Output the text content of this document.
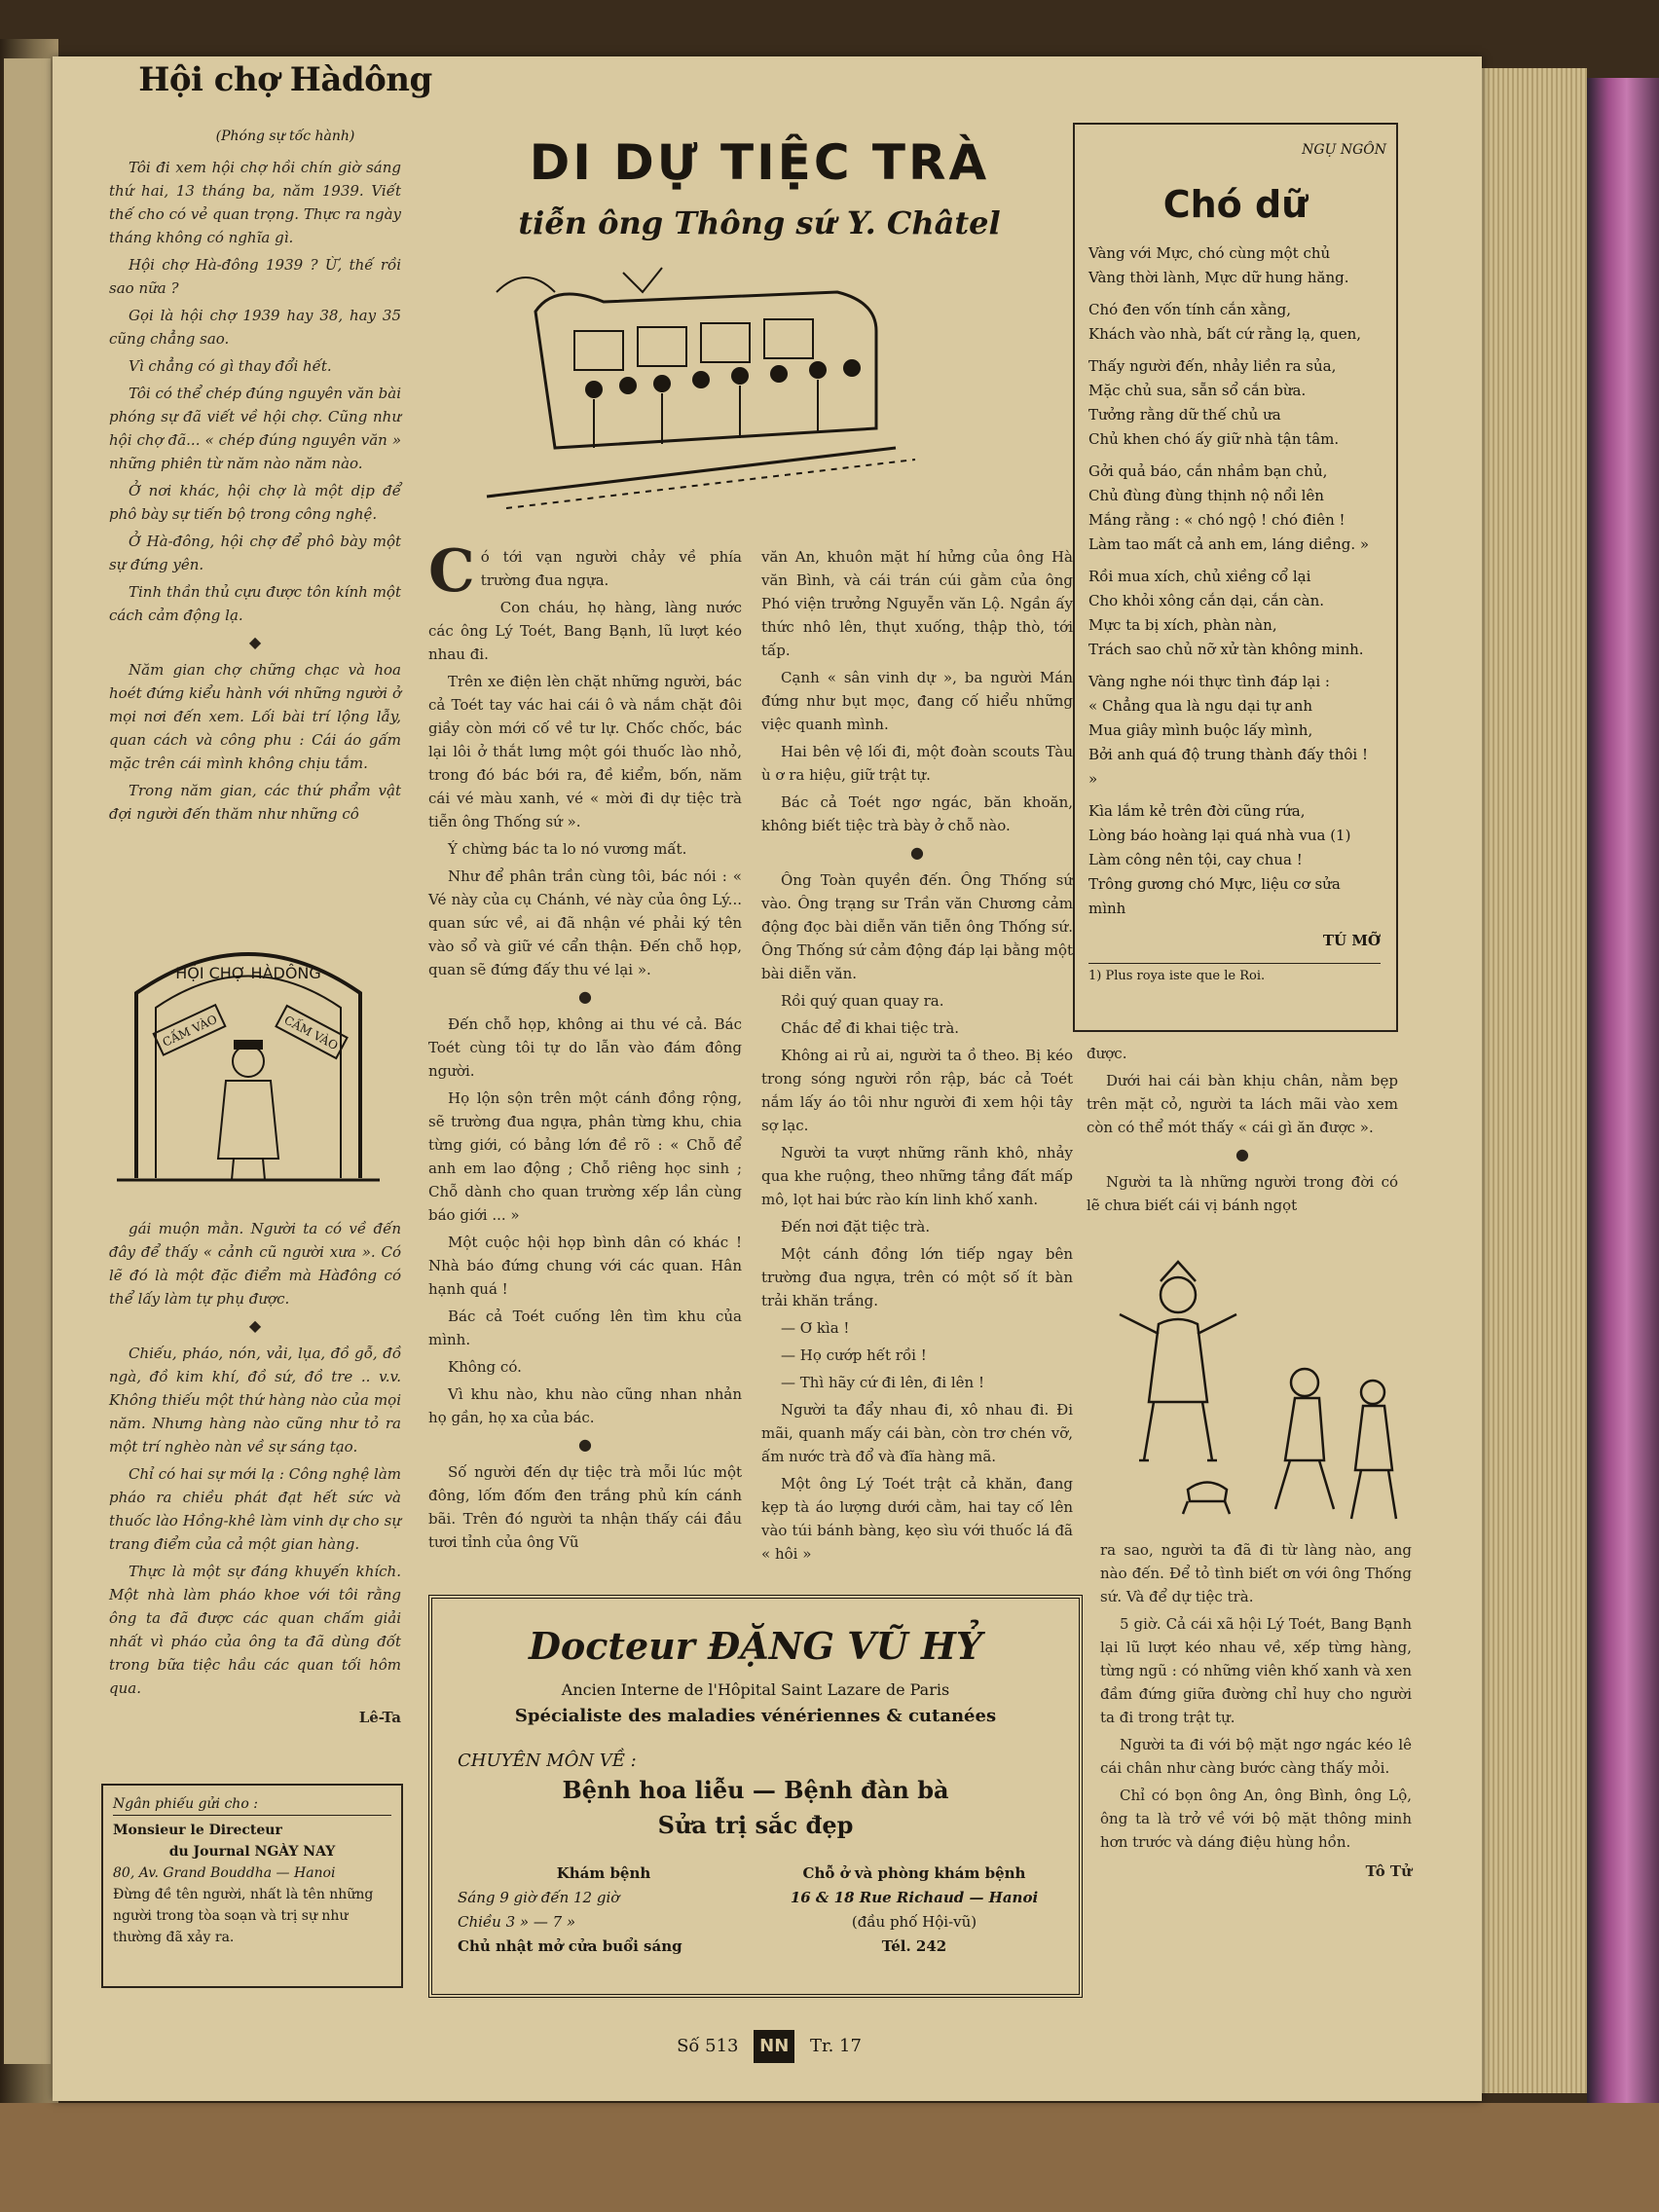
Hội chợ Hàdông
(Phóng sự tốc hành)

Tôi đi xem hội chợ hồi chín giờ sáng thứ hai, 13 tháng ba, năm 1939. Viết thế cho có vẻ quan trọng. Thực ra ngày tháng không có nghĩa gì.

Hội chợ Hà-đông 1939 ? Ừ, thế rồi sao nữa ?

Gọi là hội chợ 1939 hay 38, hay 35 cũng chẳng sao.

Vì chẳng có gì thay đổi hết.

Tôi có thể chép đúng nguyên văn bài phóng sự đã viết về hội chợ. Cũng như hội chợ đã... « chép đúng nguyên văn » những phiên từ năm nào năm nào.

Ở nơi khác, hội chợ là một dịp để phô bày sự tiến bộ trong công nghệ.

Ở Hà-đông, hội chợ để phô bày một sự đứng yên.

Tinh thần thủ cựu được tôn kính một cách cảm động lạ.

◆

Năm gian chợ chững chạc và hoa hoét đứng kiểu hành với những người ở mọi nơi đến xem. Lối bài trí lộng lẫy, quan cách và công phu : Cái áo gấm mặc trên cái mình không chịu tắm.

Trong năm gian, các thứ phẩm vật đợi người đến thăm như những cô

HỘI CHỢ HÀDÔNG
CẤM VÀO	CẤM VÀO

gái muộn mằn. Người ta có về đến đây để thấy « cảnh cũ người xưa ». Có lẽ đó là một đặc điểm mà Hàđông có thể lấy làm tự phụ được.

◆

Chiếu, pháo, nón, vải, lụa, đồ gỗ, đồ ngà, đồ kim khí, đồ sứ, đồ tre .. v.v. Không thiếu một thứ hàng nào của mọi năm. Nhưng hàng nào cũng như tỏ ra một trí nghèo nàn về sự sáng tạo.

Chỉ có hai sự mới lạ : Công nghệ làm pháo ra chiều phát đạt hết sức và thuốc lào Hồng-khê làm vinh dự cho sự trang điểm của cả một gian hàng.

Thực là một sự đáng khuyến khích. Một nhà làm pháo khoe với tôi rằng ông ta đã được các quan chấm giải nhất vì pháo của ông ta đã dùng đốt trong bữa tiệc hầu các quan tối hôm qua.

Lê-Ta
Ngân phiếu gửi cho :
Monsieur le Directeur
du Journal NGÀY NAY
80, Av. Grand Bouddha — Hanoi
Đừng đề tên người, nhất là tên những người trong tòa soạn và trị sự như thường đã xảy ra.
DI DỰ TIỆC TRÀ
tiễn ông Thông sứ Y. Châtel
C ó tới vạn người chảy về phía trường đua ngựa.

Con cháu, họ hàng, làng nước các ông Lý Toét, Bang Bạnh, lũ lượt kéo nhau đi.

Trên xe điện lèn chặt những người, bác cả Toét tay vác hai cái ô và nắm chặt đôi giầy còn mới cố về tư lự. Chốc chốc, bác lại lôi ở thắt lưng một gói thuốc lào nhỏ, trong đó bác bới ra, đề kiểm, bốn, năm cái vé màu xanh, vé « mời đi dự tiệc trà tiễn ông Thống sứ ».

Ý chừng bác ta lo nó vương mất.

Như để phân trần cùng tôi, bác nói : « Vé này của cụ Chánh, vé này của ông Lý... quan sức về, ai đã nhận vé phải ký tên vào sổ và giữ vé cẩn thận. Đến chỗ họp, quan sẽ đứng đấy thu vé lại ».

●

Đến chỗ họp, không ai thu vé cả. Bác Toét cùng tôi tự do lẫn vào đám đông người.

Họ lộn sộn trên một cánh đồng rộng, sẽ trường đua ngựa, phân từng khu, chia từng giới, có bảng lớn đề rõ : « Chỗ để anh em lao động ; Chỗ riêng học sinh ; Chỗ dành cho quan trường xếp lần cùng báo giới ... »

Một cuộc hội họp bình dân có khác ! Nhà báo đứng chung với các quan. Hân hạnh quá !

Bác cả Toét cuống lên tìm khu của mình.

Không có.

Vì khu nào, khu nào cũng nhan nhản họ gần, họ xa của bác.

●

Số người đến dự tiệc trà mỗi lúc một đông, lốm đốm đen trắng phủ kín cánh bãi. Trên đó người ta nhận thấy cái đầu tươi tỉnh của ông Vũ

văn An, khuôn mặt hí hửng của ông Hà văn Bình, và cái trán cúi gằm của ông Phó viện trưởng Nguyễn văn Lộ. Ngần ấy thức nhô lên, thụt xuống, thập thò, tới tấp.

Cạnh « sân vinh dự », ba người Mán đứng như bụt mọc, đang cố hiểu những việc quanh mình.

Hai bên vệ lối đi, một đoàn scouts Tàu ù ơ ra hiệu, giữ trật tự.

Bác cả Toét ngơ ngác, băn khoăn, không biết tiệc trà bày ở chỗ nào.

●

Ông Toàn quyền đến. Ông Thống sứ vào. Ông trạng sư Trần văn Chương cảm động đọc bài diễn văn tiễn ông Thống sứ. Ông Thống sứ cảm động đáp lại bằng một bài diễn văn.

Rồi quý quan quay ra.

Chắc để đi khai tiệc trà.

Không ai rủ ai, người ta ồ theo. Bị kéo trong sóng người rồn rập, bác cả Toét nắm lấy áo tôi như người đi xem hội tây sợ lạc.

Người ta vượt những rãnh khô, nhảy qua khe ruộng, theo những tầng đất mấp mô, lọt hai bức rào kín linh khố xanh.

Đến nơi đặt tiệc trà.

Một cánh đồng lớn tiếp ngay bên trường đua ngựa, trên có một số ít bàn trải khăn trắng.

— Ơ kìa !

— Họ cướp hết rồi !

— Thì hãy cứ đi lên, đi lên !

Người ta đẩy nhau đi, xô nhau đi. Đi mãi, quanh mấy cái bàn, còn trơ chén vỡ, ấm nước trà đổ và đĩa hàng mã.

Một ông Lý Toét trật cả khăn, đang kẹp tà áo lượng dưới cằm, hai tay cố lên vào túi bánh bàng, kẹo sìu với thuốc lá đã « hôi »

NGỤ NGÔN
Chó dữ
Vàng với Mực, chó cùng một chủ
Vàng thời lành, Mực dữ hung hăng.
Chó đen vốn tính cắn xằng,
Khách vào nhà, bất cứ rằng lạ, quen,
Thấy người đến, nhảy liền ra sủa,
Mặc chủ sua, sẵn sổ cắn bừa.
Tưởng rằng dữ thế chủ ưa
Chủ khen chó ấy giữ nhà tận tâm.
Gởi quả báo, cắn nhầm bạn chủ,
Chủ đùng đùng thịnh nộ nổi lên
Mắng rằng : « chó ngộ ! chó điên !
Làm tao mất cả anh em, láng diềng. »
Rồi mua xích, chủ xiềng cổ lại
Cho khỏi xông cắn dại, cắn càn.
Mực ta bị xích, phàn nàn,
Trách sao chủ nỡ xử tàn không minh.
Vàng nghe nói thực tình đáp lại :
« Chẳng qua là ngu dại tự anh
Mua giây mình buộc lấy mình,
Bởi anh quá độ trung thành đấy thôi ! »
Kìa lắm kẻ trên đời cũng rứa,
Lòng báo hoàng lại quá nhà vua (1)
Làm công nên tội, cay chua !
Trông gương chó Mực, liệu cơ sửa mình
TÚ MỠ
1) Plus roya iste que le Roi.

được.

Dưới hai cái bàn khịu chân, nằm bẹp trên mặt cỏ, người ta lách mãi vào xem còn có thể mót thấy « cái gì ăn được ».

●

Người ta là những người trong đời có lẽ chưa biết cái vị bánh ngọt

ra sao, người ta đã đi từ làng nào, ang nào đến. Để tỏ tình biết ơn với ông Thống sứ. Và để dự tiệc trà.

5 giờ. Cả cái xã hội Lý Toét, Bang Bạnh lại lũ lượt kéo nhau về, xếp từng hàng, từng ngũ : có những viên khố xanh và xen đầm đứng giữa đường chỉ huy cho người ta đi trong trật tự.

Người ta đi với bộ mặt ngơ ngác kéo lê cái chân như càng bước càng thấy mỏi.

Chỉ có bọn ông An, ông Bình, ông Lộ, ông ta là trở về với bộ mặt thông minh hơn trước và dáng điệu hùng hồn.

Tô Tử
Docteur ĐẶNG VŨ HỶ
Ancien Interne de l'Hôpital Saint Lazare de Paris
Spécialiste des maladies vénériennes & cutanées
CHUYÊN MÔN VỀ :
Bệnh hoa liễu — Bệnh đàn bà
Sửa trị sắc đẹp
Khám bệnh
Sáng 9 giờ đến 12 giờ
Chiều 3 » — 7 »
Chủ nhật mở cửa buổi sáng
Chỗ ở và phòng khám bệnh
16 & 18 Rue Richaud — Hanoi
(đầu phố Hội-vũ)
Tél. 242
Số 513 NN Tr. 17
